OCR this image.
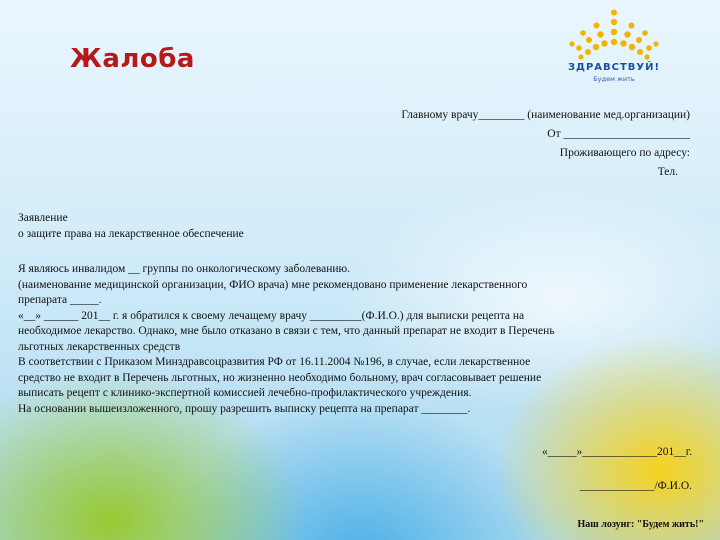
Жалоба	ЗДРАВСТВУЙ!
Будем жить
Главному врачу________ (наименование мед.организации)
От ______________________
Проживающего по адресу:
Тел.
Заявление
о защите права на лекарственное обеспечение
Я являюсь инвалидом __ группы по онкологическому заболеванию.
(наименование медицинской организации, ФИО врача) мне рекомендовано применение лекарственного
препарата _____.
«__» ______ 201__ г. я обратился к своему лечащему врачу _________(Ф.И.О.) для выписки рецепта на
необходимое лекарство. Однако, мне было отказано в связи с тем, что данный препарат не входит в Перечень
льготных лекарственных средств
В соответствии с Приказом Минздравсоцразвития РФ от 16.11.2004 №196, в случае, если лекарственное
средство не входит в Перечень льготных, но жизненно необходимо больному, врач согласовывает решение
выписать рецепт с клинико-экспертной комиссией лечебно-профилактического учреждения.
На основании вышеизложенного, прошу разрешить выписку рецепта на препарат ________.
«_____»_____________201__г.
_____________/Ф.И.О.
Наш лозунг: "Будем жить!"
